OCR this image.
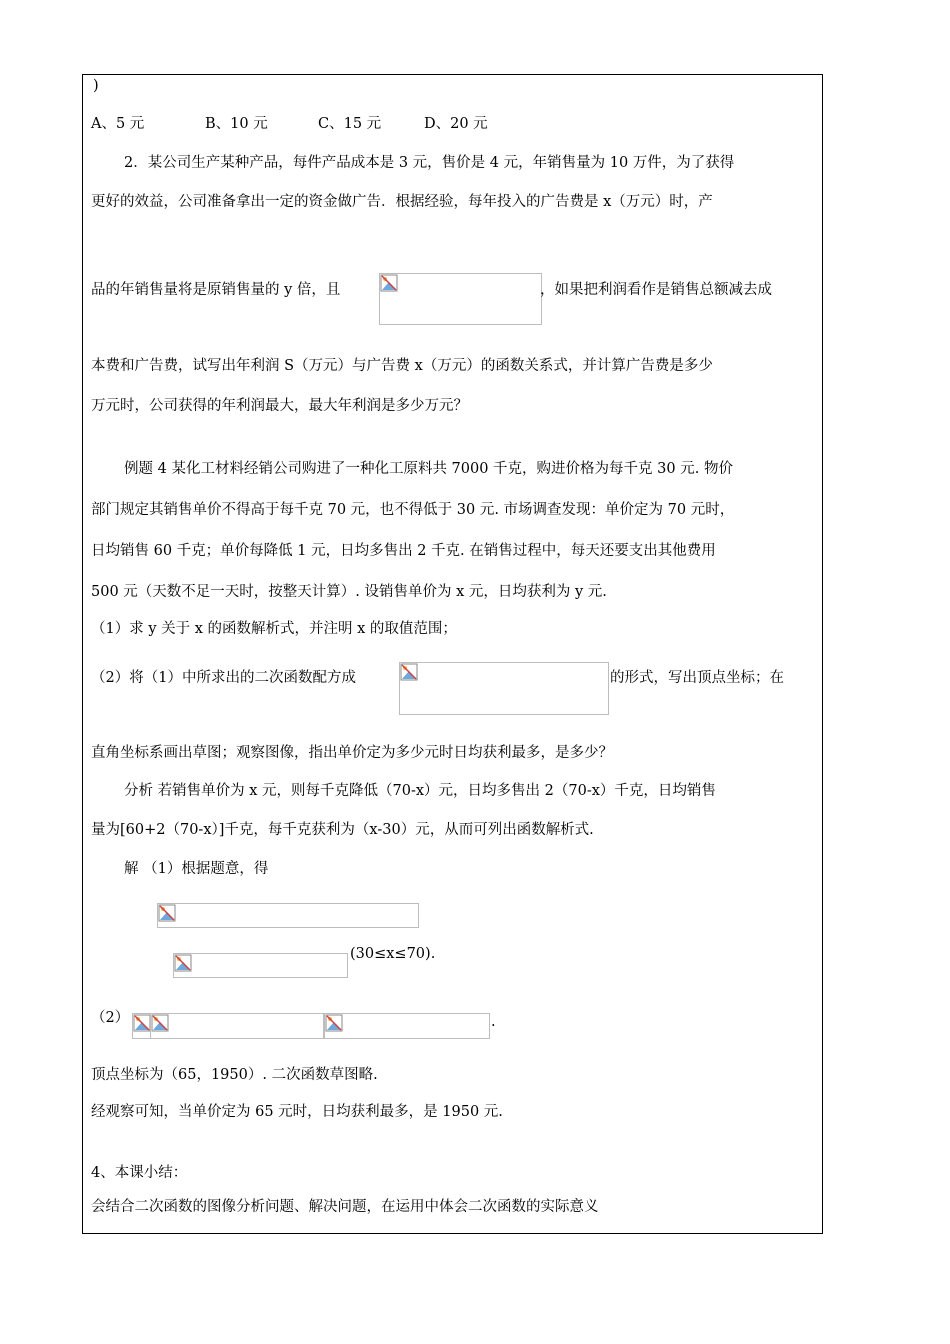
)
A、5 元	B、10 元	C、15 元	D、20 元
2．某公司生产某种产品，每件产品成本是 3 元，售价是 4 元，年销售量为 10 万件，为了获得
更好的效益，公司准备拿出一定的资金做广告．根据经验，每年投入的广告费是 x（万元）时，产
品的年销售量将是原销售量的 y 倍，且	，如果把利润看作是销售总额减去成
本费和广告费，试写出年利润 S（万元）与广告费 x（万元）的函数关系式，并计算广告费是多少
万元时，公司获得的年利润最大，最大年利润是多少万元？
例题 4 某化工材料经销公司购进了一种化工原料共 7000 千克，购进价格为每千克 30 元. 物价
部门规定其销售单价不得高于每千克 70 元，也不得低于 30 元. 市场调查发现：单价定为 70 元时，
日均销售 60 千克；单价每降低 1 元，日均多售出 2 千克. 在销售过程中，每天还要支出其他费用
500 元（天数不足一天时，按整天计算）. 设销售单价为 x 元，日均获利为 y 元.
（1）求 y 关于 x 的函数解析式，并注明 x 的取值范围；
（2）将（1）中所求出的二次函数配方成	的形式，写出顶点坐标；在
直角坐标系画出草图；观察图像，指出单价定为多少元时日均获利最多，是多少？
分析 若销售单价为 x 元，则每千克降低（70-x）元，日均多售出 2（70-x）千克，日均销售
量为[60+2（70-x）]千克，每千克获利为（x-30）元，从而可列出函数解析式.
解 （1）根据题意，得
(30≤x≤70).
（2）	.
顶点坐标为（65，1950）. 二次函数草图略.
经观察可知，当单价定为 65 元时，日均获利最多，是 1950 元.
4、本课小结：
会结合二次函数的图像分析问题、解决问题，在运用中体会二次函数的实际意义
